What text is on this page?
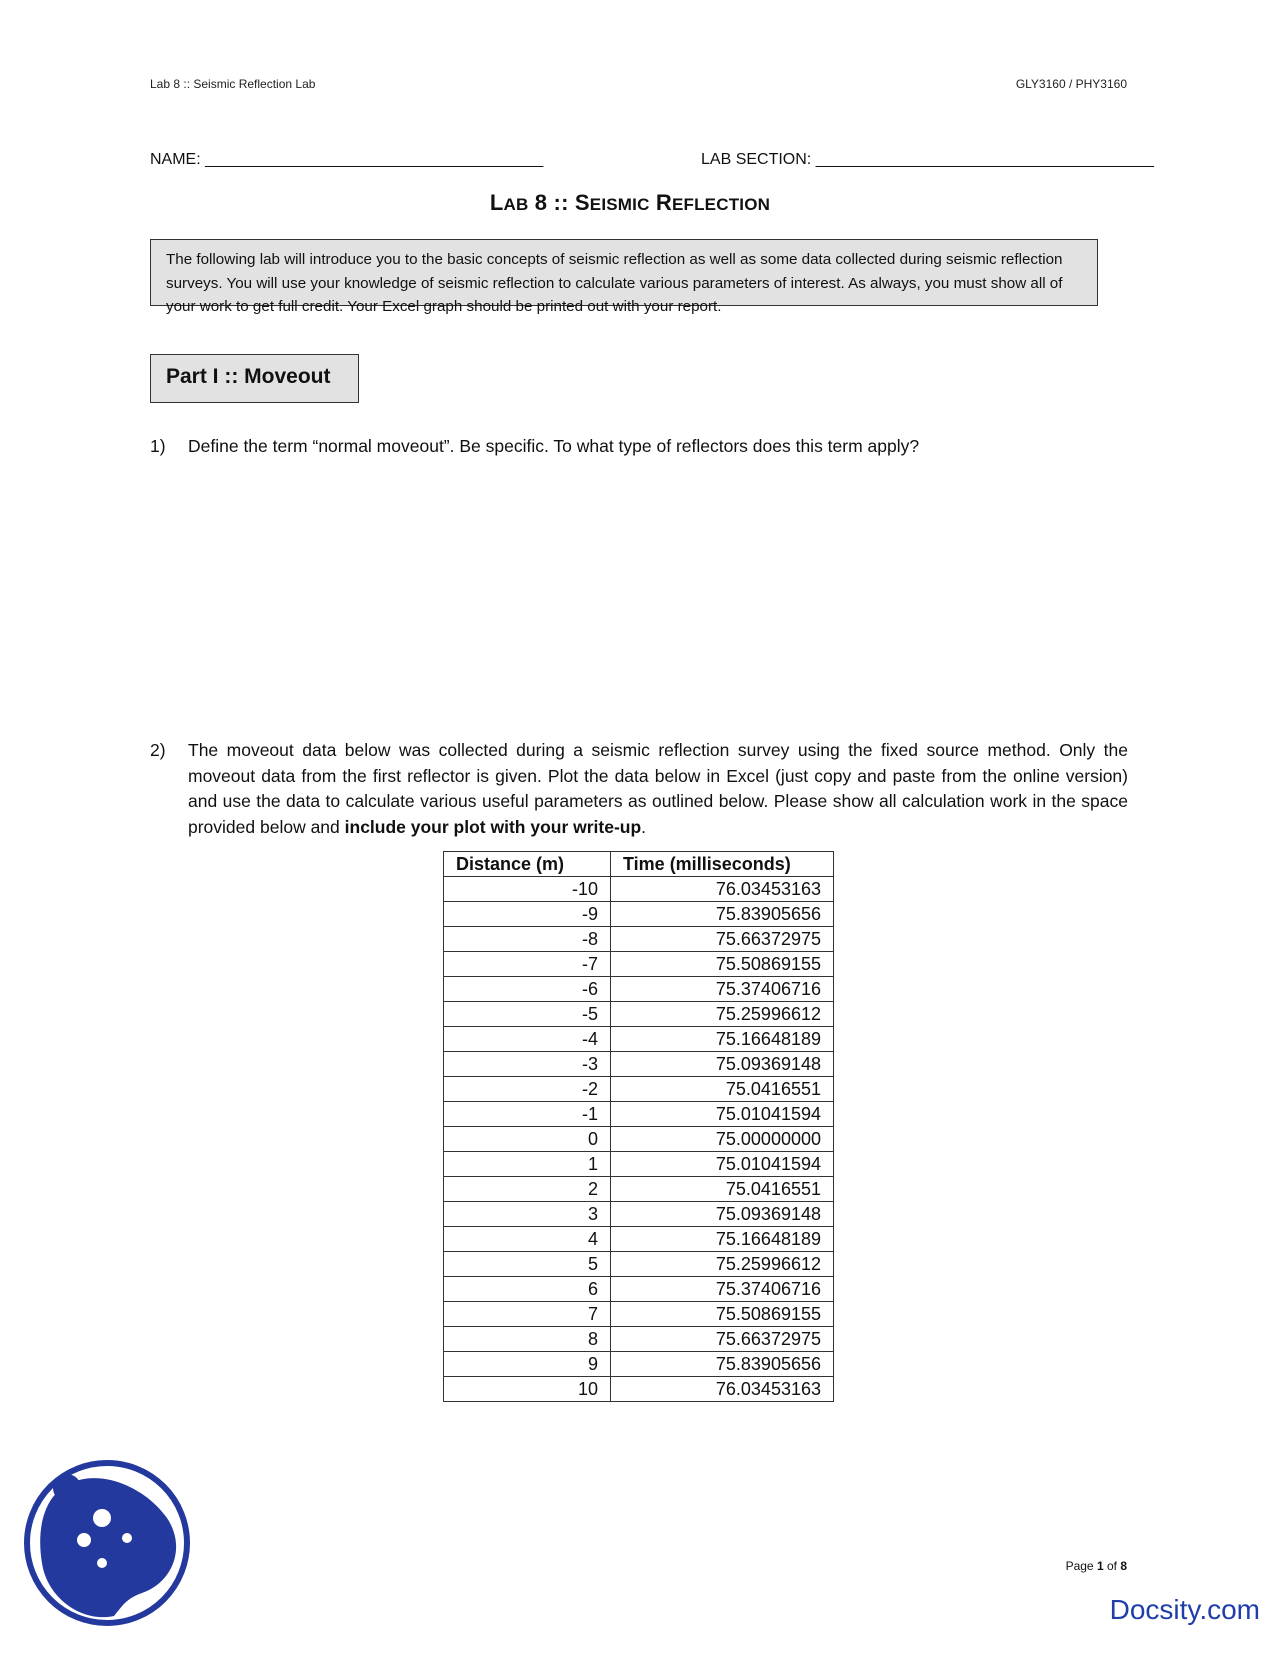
Lab 8 :: Seismic Reflection Lab	GLY3160 / PHY3160
NAME: ______________________________________	LAB SECTION: ______________________________________
LAB 8 :: SEISMIC REFLECTION
The following lab will introduce you to the basic concepts of seismic reflection as well as some data collected during seismic reflection surveys. You will use your knowledge of seismic reflection to calculate various parameters of interest. As always, you must show all of your work to get full credit. Your Excel graph should be printed out with your report.
Part I :: Moveout
1) Define the term “normal moveout”. Be specific. To what type of reflectors does this term apply?
2) The moveout data below was collected during a seismic reflection survey using the fixed source method. Only the moveout data from the first reflector is given. Plot the data below in Excel (just copy and paste from the online version) and use the data to calculate various useful parameters as outlined below. Please show all calculation work in the space provided below and include your plot with your write-up.
Distance (m)	Time (milliseconds)
-10	76.03453163
-9	75.83905656
-8	75.66372975
-7	75.50869155
-6	75.37406716
-5	75.25996612
-4	75.16648189
-3	75.09369148
-2	75.0416551
-1	75.01041594
0	75.00000000
1	75.01041594
2	75.0416551
3	75.09369148
4	75.16648189
5	75.25996612
6	75.37406716
7	75.50869155
8	75.66372975
9	75.83905656
10	76.03453163
Page 1 of 8
Docsity.com
